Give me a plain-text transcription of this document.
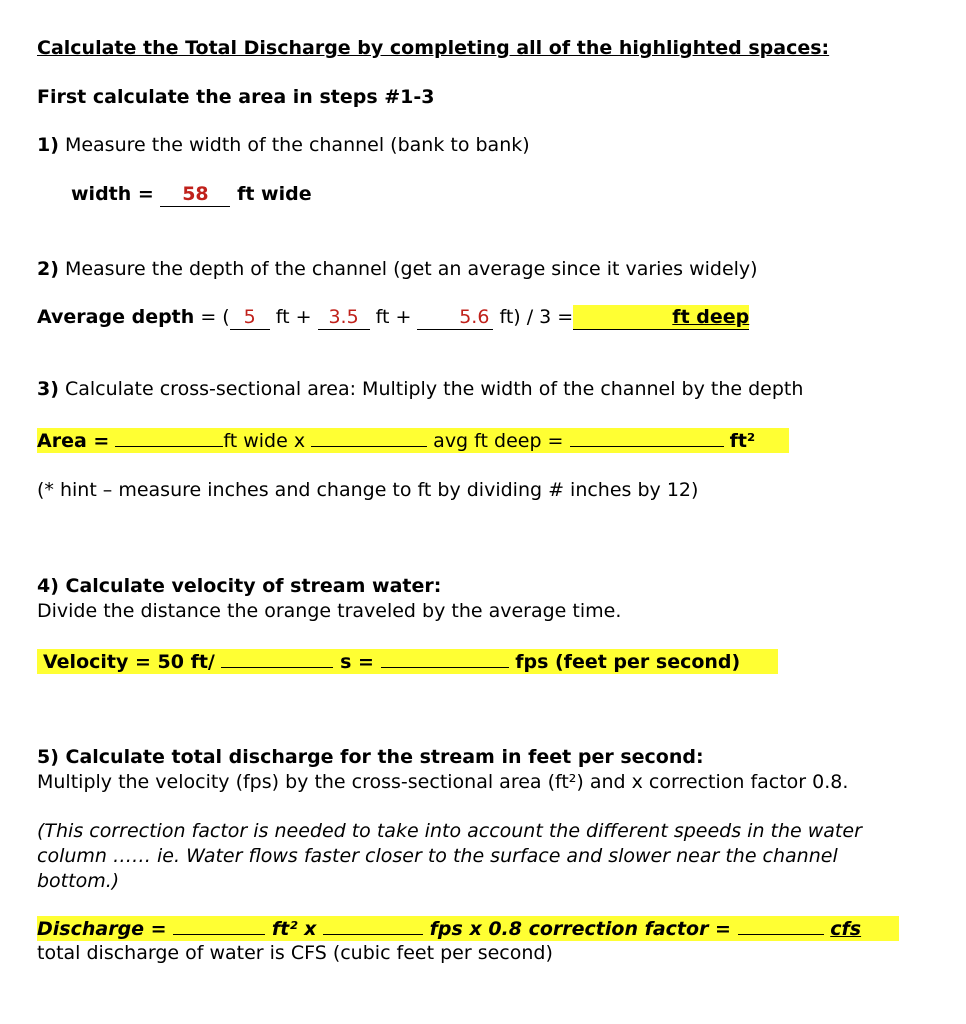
Calculate the Total Discharge by completing all of the highlighted spaces:
First calculate the area in steps #1-3
1) Measure the width of the channel (bank to bank)
width = 58 ft wide
2) Measure the depth of the channel (get an average since it varies widely)
Average depth = ( 5 ft + 3.5 ft +	5.6 ft) / 3 =	ft deep
3) Calculate cross-sectional area: Multiply the width of the channel by the depth
Area =	ft wide x	avg ft deep =	ft²
(* hint – measure inches and change to ft by dividing # inches by 12)
4) Calculate velocity of stream water:
Divide the distance the orange traveled by the average time.
Velocity = 50 ft/	s =	fps (feet per second)
5) Calculate total discharge for the stream in feet per second:
Multiply the velocity (fps) by the cross-sectional area (ft²) and x correction factor 0.8.
(This correction factor is needed to take into account the different speeds in the water
column …… ie. Water flows faster closer to the surface and slower near the channel
bottom.)
Discharge =	ft² x	fps x 0.8 correction factor =	cfs
total discharge of water is CFS (cubic feet per second)
